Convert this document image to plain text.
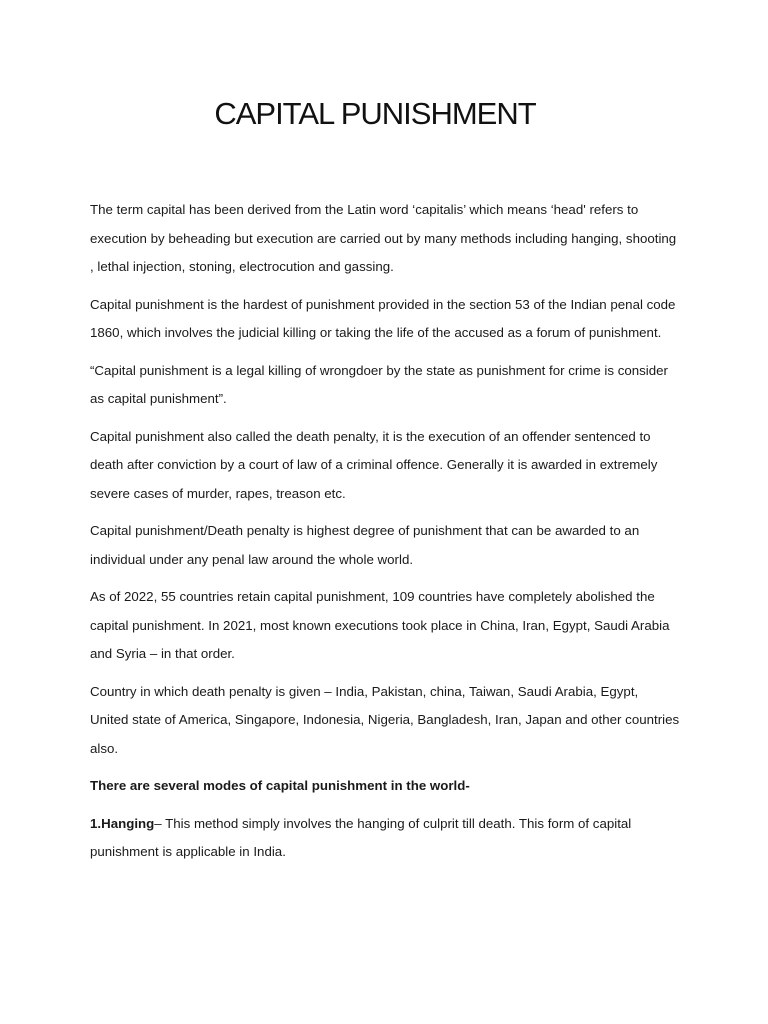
CAPITAL PUNISHMENT

The term capital has been derived from the Latin word ‘capitalis’ which means ‘head' refers to execution by beheading but execution are carried out by many methods including hanging, shooting , lethal injection, stoning, electrocution and gassing.

Capital punishment is the hardest of punishment provided in the section 53 of the Indian penal code 1860, which involves the judicial killing or taking the life of the accused as a forum of punishment.

“Capital punishment is a legal killing of wrongdoer by the state as punishment for crime is consider as capital punishment”.

Capital punishment also called the death penalty, it is the execution of an offender sentenced to death after conviction by a court of law of a criminal offence. Generally it is awarded in extremely severe cases of murder, rapes, treason etc.

Capital punishment/Death penalty is highest degree of punishment that can be awarded to an individual under any penal law around the whole world.

As of 2022, 55 countries retain capital punishment, 109 countries have completely abolished the capital punishment. In 2021, most known executions took place in China, Iran, Egypt, Saudi Arabia and Syria – in that order.

Country in which death penalty is given – India, Pakistan, china, Taiwan, Saudi Arabia, Egypt, United state of America, Singapore, Indonesia, Nigeria, Bangladesh, Iran, Japan and other countries also.

There are several modes of capital punishment in the world-

1.Hanging– This method simply involves the hanging of culprit till death. This form of capital punishment is applicable in India.
